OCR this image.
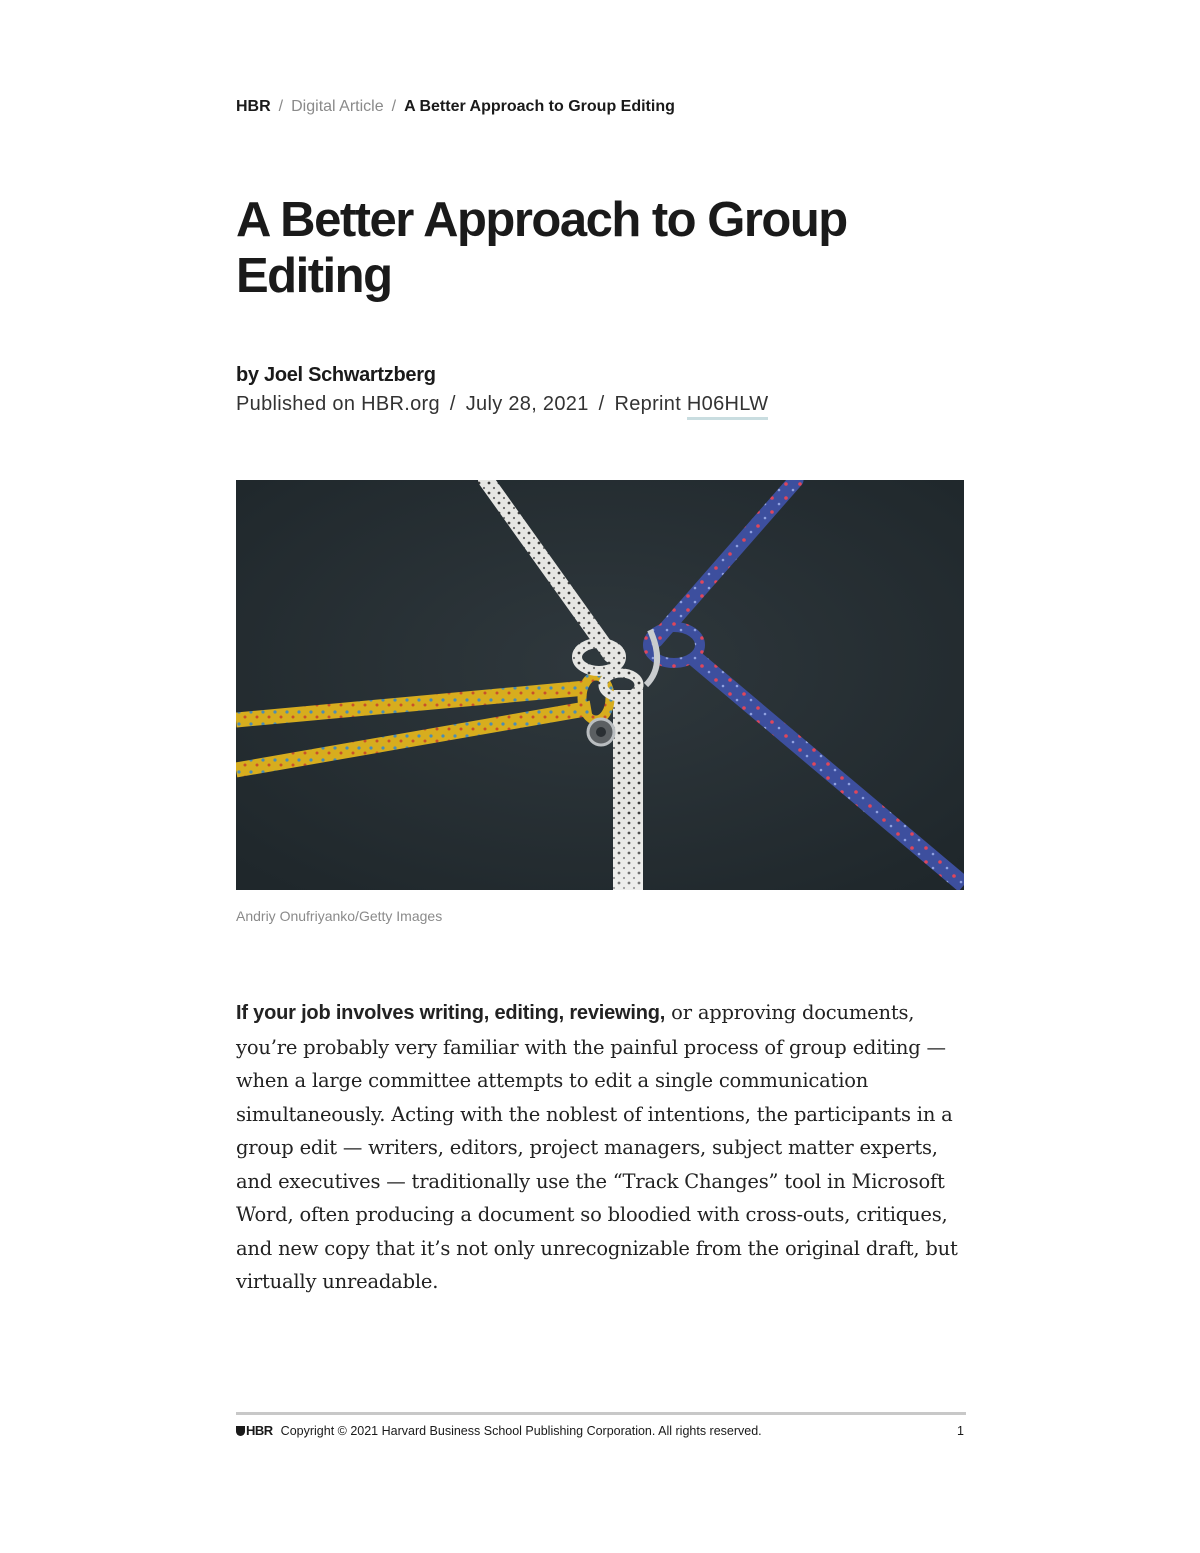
HBR / Digital Article / A Better Approach to Group Editing
A Better Approach to Group Editing
by Joel Schwartzberg
Published on HBR.org / July 28, 2021 / Reprint H06HLW
Andriy Onufriyanko/Getty Images

If your job involves writing, editing, reviewing, or approving documents, you’re probably very familiar with the painful process of group editing — when a large committee attempts to edit a single communication simultaneously. Acting with the noblest of intentions, the participants in a group edit — writers, editors, project managers, subject matter experts, and executives — traditionally use the “Track Changes” tool in Microsoft Word, often producing a document so bloodied with cross-outs, critiques, and new copy that it’s not only unrecognizable from the original draft, but virtually unreadable.

HBR Copyright © 2021 Harvard Business School Publishing Corporation. All rights reserved.	1
